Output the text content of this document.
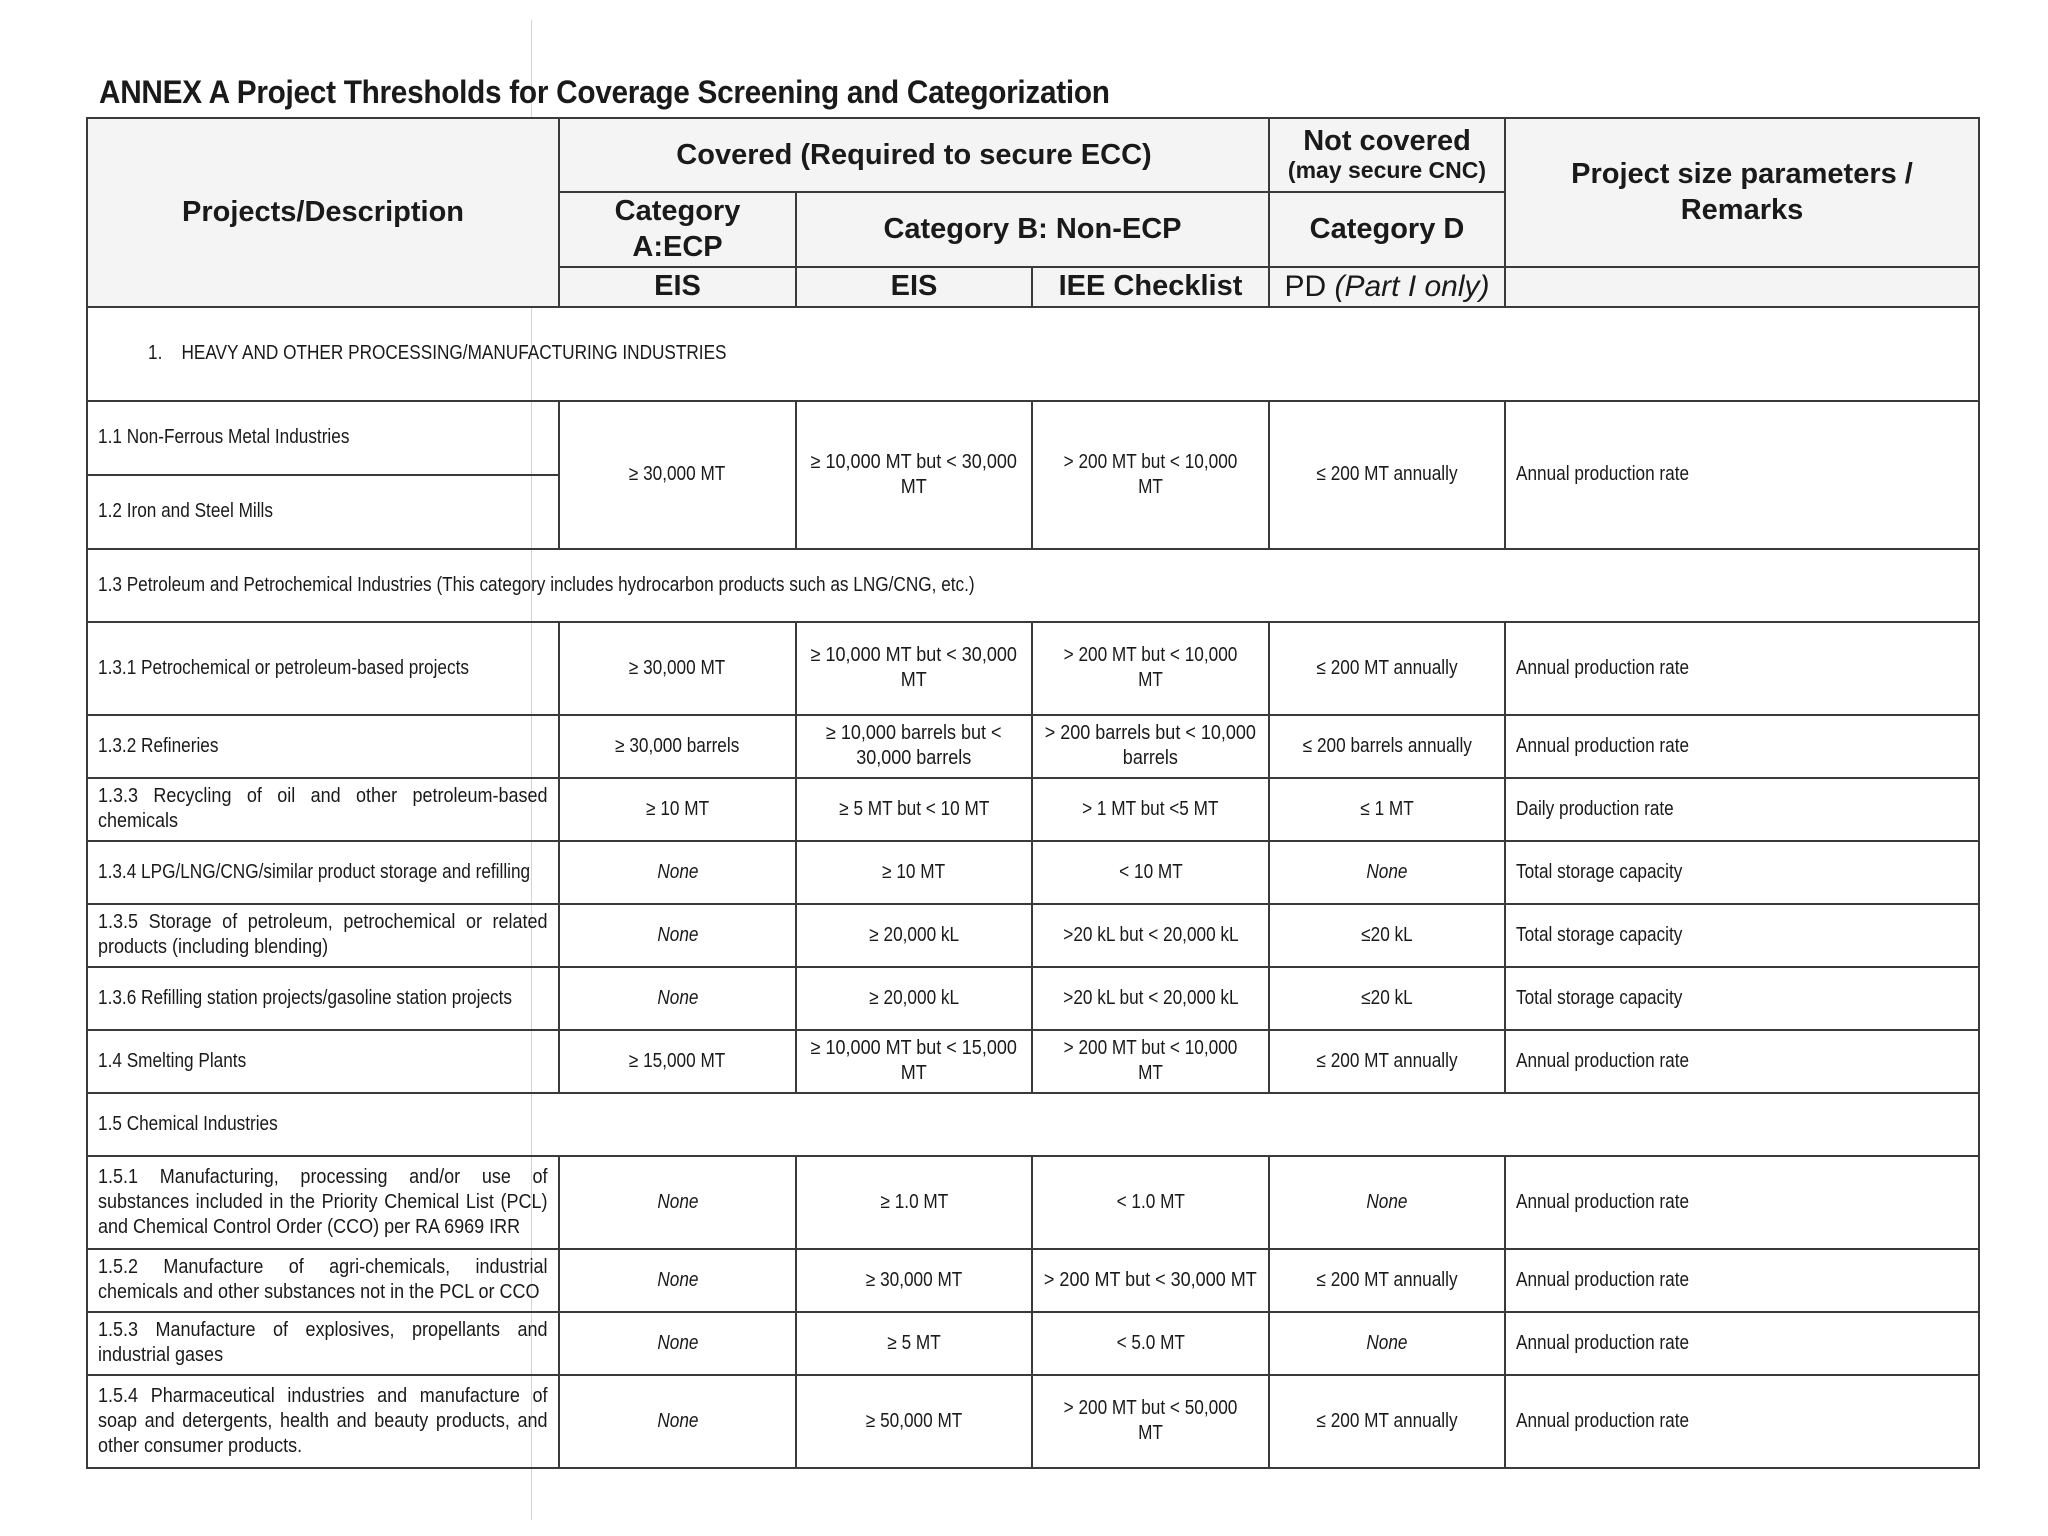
ANNEX A Project Thresholds for Coverage Screening and Categorization
Projects/Description	Covered (Required to secure ECC)			Not covered
(may secure CNC)	Project size parameters / Remarks
	Category A:ECP	Category B: Non-ECP		Category D	
	EIS	EIS	IEE Checklist	PD (Part I only)	
1. HEAVY AND OTHER PROCESSING/MANUFACTURING INDUSTRIES					
1.1 Non-Ferrous Metal Industries	≥ 30,000 MT	≥ 10,000 MT but < 30,000 MT	> 200 MT but < 10,000 MT	≤ 200 MT annually	Annual production rate
1.2 Iron and Steel Mills					
1.3 Petroleum and Petrochemical Industries (This category includes hydrocarbon products such as LNG/CNG, etc.)					
1.3.1 Petrochemical or petroleum-based projects	≥ 30,000 MT	≥ 10,000 MT but < 30,000 MT	> 200 MT but < 10,000 MT	≤ 200 MT annually	Annual production rate
1.3.2 Refineries	≥ 30,000 barrels	≥ 10,000 barrels but < 30,000 barrels	> 200 barrels but < 10,000 barrels	≤ 200 barrels annually	Annual production rate

1.3.3 Recycling of oil and other petroleum-based chemicals	≥ 10 MT	≥ 5 MT but < 10 MT	> 1 MT but <5 MT	≤ 1 MT	Daily production rate
1.3.4 LPG/LNG/CNG/similar product storage and refilling	None	≥ 10 MT	< 10 MT	None	Total storage capacity

1.3.5 Storage of petroleum, petrochemical or related products (including blending)	None	≥ 20,000 kL	>20 kL but < 20,000 kL	≤20 kL	Total storage capacity
1.3.6 Refilling station projects/gasoline station projects	None	≥ 20,000 kL	>20 kL but < 20,000 kL	≤20 kL	Total storage capacity
1.4 Smelting Plants	≥ 15,000 MT	≥ 10,000 MT but < 15,000 MT	> 200 MT but < 10,000 MT	≤ 200 MT annually	Annual production rate
1.5 Chemical Industries					

1.5.1 Manufacturing, processing and/or use of substances included in the Priority Chemical List (PCL) and Chemical Control Order (CCO) per RA 6969 IRR	None	≥ 1.0 MT	< 1.0 MT	None	Annual production rate

1.5.2 Manufacture of agri-chemicals, industrial chemicals and other substances not in the PCL or CCO	None	≥ 30,000 MT	> 200 MT but < 30,000 MT	≤ 200 MT annually	Annual production rate

1.5.3 Manufacture of explosives, propellants and industrial gases	None	≥ 5 MT	< 5.0 MT	None	Annual production rate

1.5.4 Pharmaceutical industries and manufacture of soap and detergents, health and beauty products, and other consumer products.	None	≥ 50,000 MT	> 200 MT but < 50,000 MT	≤ 200 MT annually	Annual production rate
